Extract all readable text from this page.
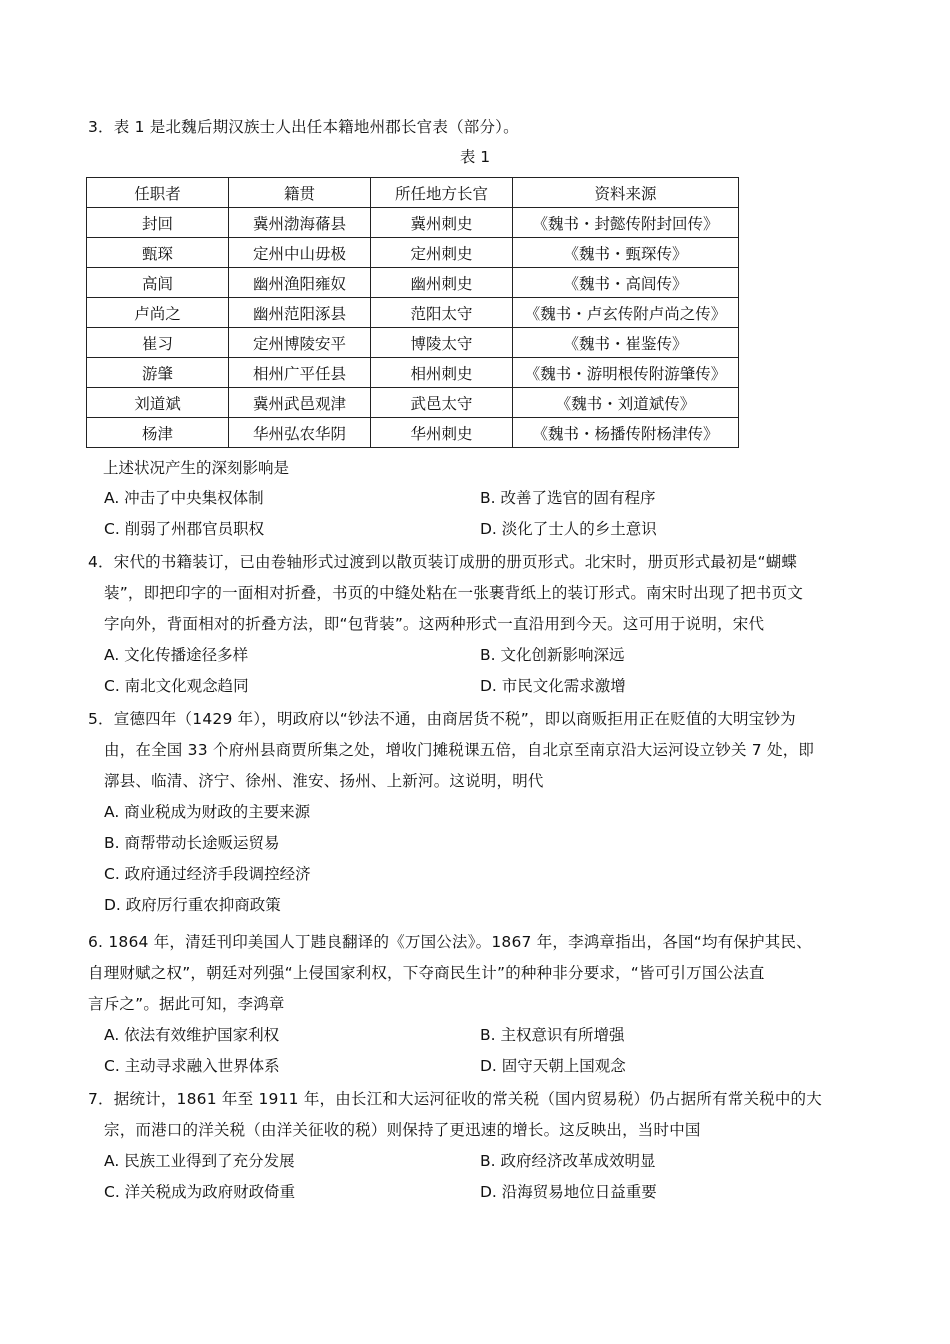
3．表 1 是北魏后期汉族士人出任本籍地州郡长官表（部分）。

表 1
任职者	籍贯	所任地方长官	资料来源
封回	冀州渤海蓨县	冀州刺史	《魏书・封懿传附封回传》
甄琛	定州中山毋极	定州刺史	《魏书・甄琛传》
高闾	幽州渔阳雍奴	幽州刺史	《魏书・高闾传》
卢尚之	幽州范阳涿县	范阳太守	《魏书・卢玄传附卢尚之传》
崔习	定州博陵安平	博陵太守	《魏书・崔鉴传》
游肇	相州广平任县	相州刺史	《魏书・游明根传附游肇传》
刘道斌	冀州武邑观津	武邑太守	《魏书・刘道斌传》
杨津	华州弘农华阴	华州刺史	《魏书・杨播传附杨津传》
上述状况产生的深刻影响是
A. 冲击了中央集权体制	B. 改善了选官的固有程序
C. 削弱了州郡官员职权	D. 淡化了士人的乡土意识

4．宋代的书籍装订，已由卷轴形式过渡到以散页装订成册的册页形式。北宋时，册页形式最初是“蝴蝶

装”，即把印字的一面相对折叠，书页的中缝处粘在一张裹背纸上的装订形式。南宋时出现了把书页文

字向外，背面相对的折叠方法，即“包背装”。这两种形式一直沿用到今天。这可用于说明，宋代

A. 文化传播途径多样	B. 文化创新影响深远
C. 南北文化观念趋同	D. 市民文化需求激增

5．宣德四年（1429 年），明政府以“钞法不通，由商居货不税”，即以商贩拒用正在贬值的大明宝钞为

由，在全国 33 个府州县商贾所集之处，增收门摊税课五倍，自北京至南京沿大运河设立钞关 7 处，即

漷县、临清、济宁、徐州、淮安、扬州、上新河。这说明，明代

A. 商业税成为财政的主要来源
B. 商帮带动长途贩运贸易
C. 政府通过经济手段调控经济
D. 政府厉行重农抑商政策

6. 1864 年，清廷刊印美国人丁韪良翻译的《万国公法》。1867 年，李鸿章指出，各国“均有保护其民、

自理财赋之权”，朝廷对列强“上侵国家利权，下夺商民生计”的种种非分要求，“皆可引万国公法直

言斥之”。据此可知，李鸿章

A. 依法有效维护国家利权	B. 主权意识有所增强
C. 主动寻求融入世界体系	D. 固守天朝上国观念

7．据统计，1861 年至 1911 年，由长江和大运河征收的常关税（国内贸易税）仍占据所有常关税中的大

宗，而港口的洋关税（由洋关征收的税）则保持了更迅速的增长。这反映出，当时中国

A. 民族工业得到了充分发展	B. 政府经济改革成效明显
C. 洋关税成为政府财政倚重	D. 沿海贸易地位日益重要
